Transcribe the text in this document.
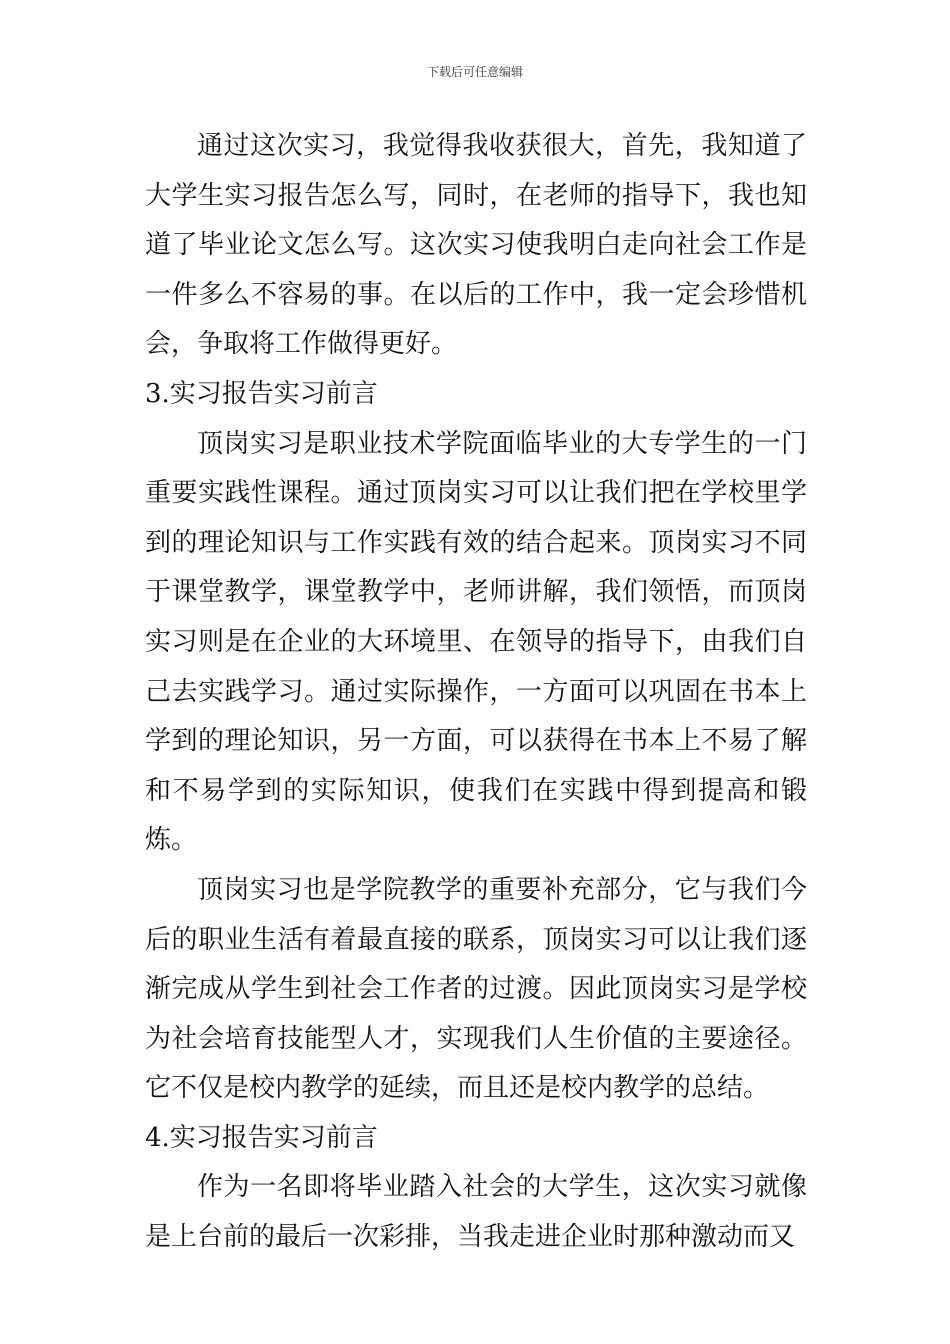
下载后可任意编辑

通过这次实习，我觉得我收获很大，首先，我知道了大学生实习报告怎么写，同时，在老师的指导下，我也知道了毕业论文怎么写。这次实习使我明白走向社会工作是一件多么不容易的事。在以后的工作中，我一定会珍惜机会，争取将工作做得更好。

3.实习报告实习前言

顶岗实习是职业技术学院面临毕业的大专学生的一门重要实践性课程。通过顶岗实习可以让我们把在学校里学到的理论知识与工作实践有效的结合起来。顶岗实习不同于课堂教学，课堂教学中，老师讲解，我们领悟，而顶岗实习则是在企业的大环境里、在领导的指导下，由我们自己去实践学习。通过实际操作，一方面可以巩固在书本上学到的理论知识，另一方面，可以获得在书本上不易了解和不易学到的实际知识，使我们在实践中得到提高和锻炼。

顶岗实习也是学院教学的重要补充部分，它与我们今后的职业生活有着最直接的联系，顶岗实习可以让我们逐渐完成从学生到社会工作者的过渡。因此顶岗实习是学校为社会培育技能型人才，实现我们人生价值的主要途径。它不仅是校内教学的延续，而且还是校内教学的总结。

4.实习报告实习前言

作为一名即将毕业踏入社会的大学生，这次实习就像是上台前的最后一次彩排，当我走进企业时那种激动而又
